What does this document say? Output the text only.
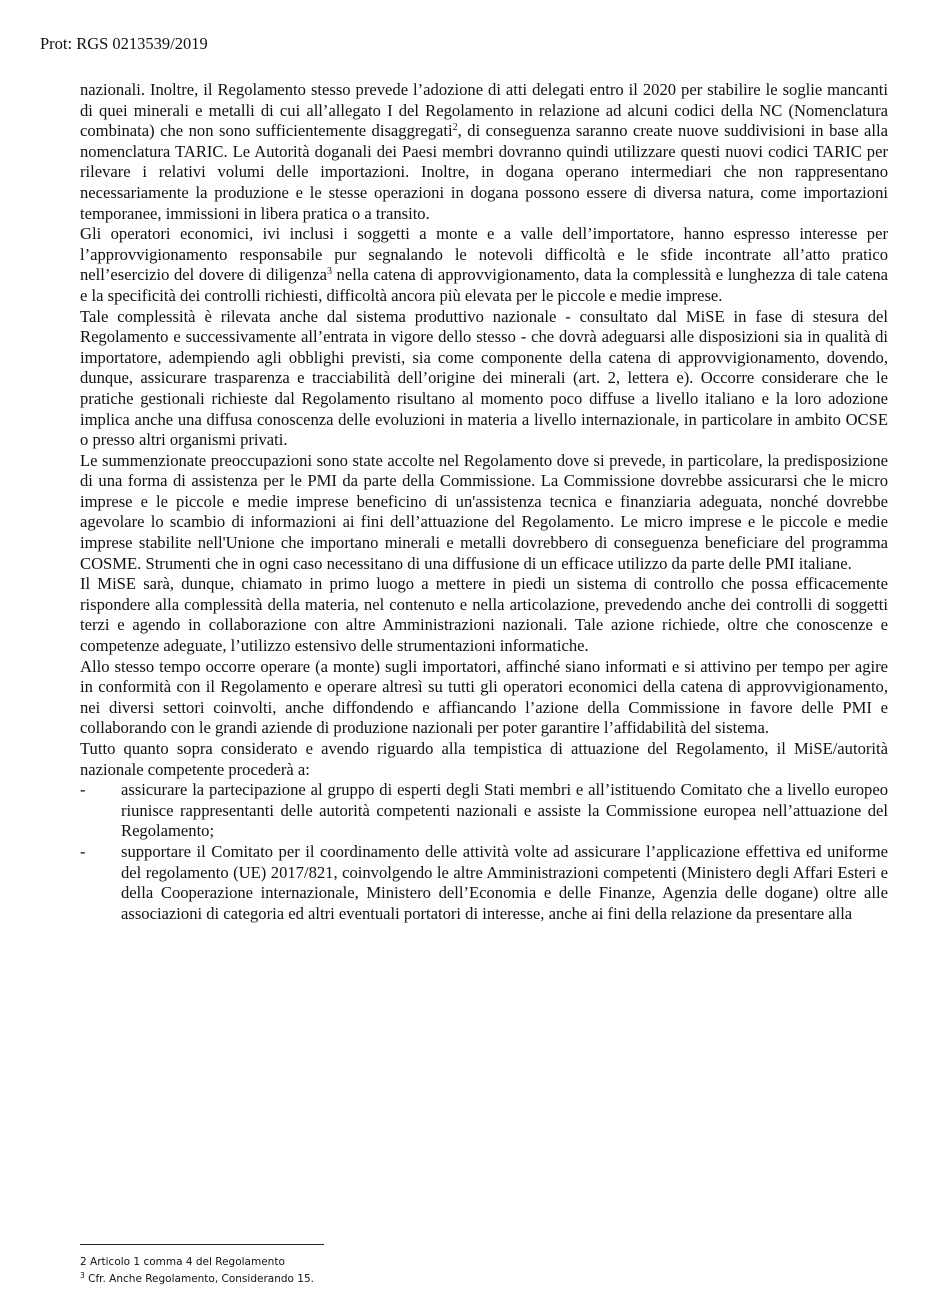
Prot: RGS 0213539/2019

nazionali. Inoltre, il Regolamento stesso prevede l’adozione di atti delegati entro il 2020 per stabilire le soglie mancanti di quei minerali e metalli di cui all’allegato I del Regolamento in relazione ad alcuni codici della NC (Nomenclatura combinata) che non sono sufficientemente disaggregati$^2$, di conseguenza saranno create nuove suddivisioni in base alla nomenclatura TARIC. Le Autorità doganali dei Paesi membri dovranno quindi utilizzare questi nuovi codici TARIC per rilevare i relativi volumi delle importazioni. Inoltre, in dogana operano intermediari che non rappresentano necessariamente la produzione e le stesse operazioni in dogana possono essere di diversa natura, come importazioni temporanee, immissioni in libera pratica o a transito.

Gli operatori economici, ivi inclusi i soggetti a monte e a valle dell’importatore, hanno espresso interesse per l’approvvigionamento responsabile pur segnalando le notevoli difficoltà e le sfide incontrate all’atto pratico nell’esercizio del dovere di diligenza$^3$ nella catena di approvvigionamento, data la complessità e lunghezza di tale catena e la specificità dei controlli richiesti, difficoltà ancora più elevata per le piccole e medie imprese.

Tale complessità è rilevata anche dal sistema produttivo nazionale - consultato dal MiSE in fase di stesura del Regolamento e successivamente all’entrata in vigore dello stesso - che dovrà adeguarsi alle disposizioni sia in qualità di importatore, adempiendo agli obblighi previsti, sia come componente della catena di approvvigionamento, dovendo, dunque, assicurare trasparenza e tracciabilità dell’origine dei minerali (art. 2, lettera e). Occorre considerare che le pratiche gestionali richieste dal Regolamento risultano al momento poco diffuse a livello italiano e la loro adozione implica anche una diffusa conoscenza delle evoluzioni in materia a livello internazionale, in particolare in ambito OCSE o presso altri organismi privati.

Le summenzionate preoccupazioni sono state accolte nel Regolamento dove si prevede, in particolare, la predisposizione di una forma di assistenza per le PMI da parte della Commissione. La Commissione dovrebbe assicurarsi che le micro imprese e le piccole e medie imprese beneficino di un'assistenza tecnica e finanziaria adeguata, nonché dovrebbe agevolare lo scambio di informazioni ai fini dell’attuazione del Regolamento. Le micro imprese e le piccole e medie imprese stabilite nell'Unione che importano minerali e metalli dovrebbero di conseguenza beneficiare del programma COSME. Strumenti che in ogni caso necessitano di una diffusione di un efficace utilizzo da parte delle PMI italiane.

Il MiSE sarà, dunque, chiamato in primo luogo a mettere in piedi un sistema di controllo che possa efficacemente rispondere alla complessità della materia, nel contenuto e nella articolazione, prevedendo anche dei controlli di soggetti terzi e agendo in collaborazione con altre Amministrazioni nazionali. Tale azione richiede, oltre che conoscenze e competenze adeguate, l’utilizzo estensivo delle strumentazioni informatiche.

Allo stesso tempo occorre operare (a monte) sugli importatori, affinché siano informati e si attivino per tempo per agire in conformità con il Regolamento e operare altresì su tutti gli operatori economici della catena di approvvigionamento, nei diversi settori coinvolti, anche diffondendo e affiancando l’azione della Commissione in favore delle PMI e collaborando con le grandi aziende di produzione nazionali per poter garantire l’affidabilità del sistema.

Tutto quanto sopra considerato e avendo riguardo alla tempistica di attuazione del Regolamento, il MiSE/autorità nazionale competente procederà a:

- assicurare la partecipazione al gruppo di esperti degli Stati membri e all’istituendo Comitato che a livello europeo riunisce rappresentanti delle autorità competenti nazionali e assiste la Commissione europea nell’attuazione del Regolamento;
- supportare il Comitato per il coordinamento delle attività volte ad assicurare l’applicazione effettiva ed uniforme del regolamento (UE) 2017/821, coinvolgendo le altre Amministrazioni competenti (Ministero degli Affari Esteri e della Cooperazione internazionale, Ministero dell’Economia e delle Finanze, Agenzia delle dogane) oltre alle associazioni di categoria ed altri eventuali portatori di interesse, anche ai fini della relazione da presentare alla
2 Articolo 1 comma 4 del Regolamento
$^3$ Cfr. Anche Regolamento, Considerando 15.
